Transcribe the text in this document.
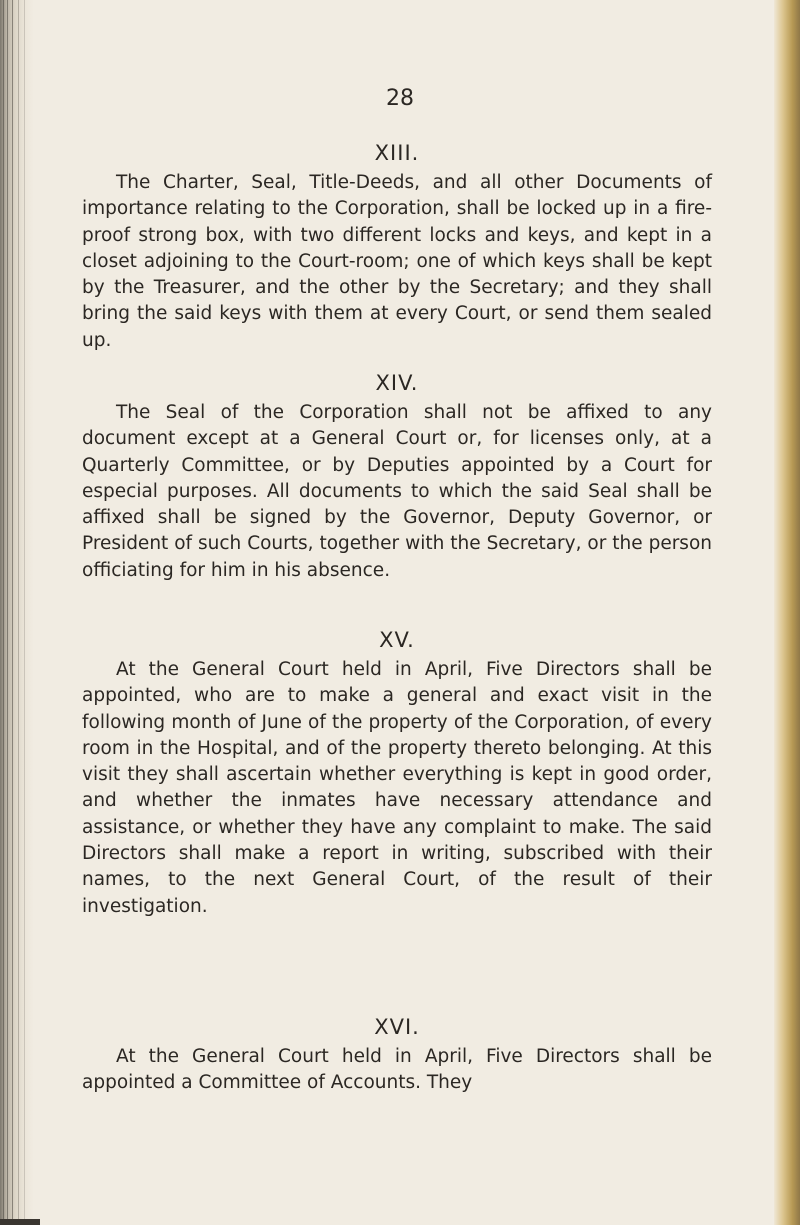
28

XIII.

The Charter, Seal, Title-Deeds, and all other Documents of importance relating to the Corporation, shall be locked up in a fire-proof strong box, with two different locks and keys, and kept in a closet adjoining to the Court-room; one of which keys shall be kept by the Treasurer, and the other by the Secretary; and they shall bring the said keys with them at every Court, or send them sealed up.

XIV.

The Seal of the Corporation shall not be affixed to any document except at a General Court or, for licenses only, at a Quarterly Committee, or by Deputies appointed by a Court for especial purposes. All documents to which the said Seal shall be affixed shall be signed by the Governor, Deputy Governor, or President of such Courts, together with the Secretary, or the person officiating for him in his absence.

XV.

At the General Court held in April, Five Directors shall be appointed, who are to make a general and exact visit in the following month of June of the property of the Corporation, of every room in the Hospital, and of the property thereto belonging. At this visit they shall ascertain whether everything is kept in good order, and whether the inmates have necessary attendance and assistance, or whether they have any complaint to make. The said Directors shall make a report in writing, subscribed with their names, to the next General Court, of the result of their investigation.

XVI.

At the General Court held in April, Five Directors shall be appointed a Committee of Accounts. They
